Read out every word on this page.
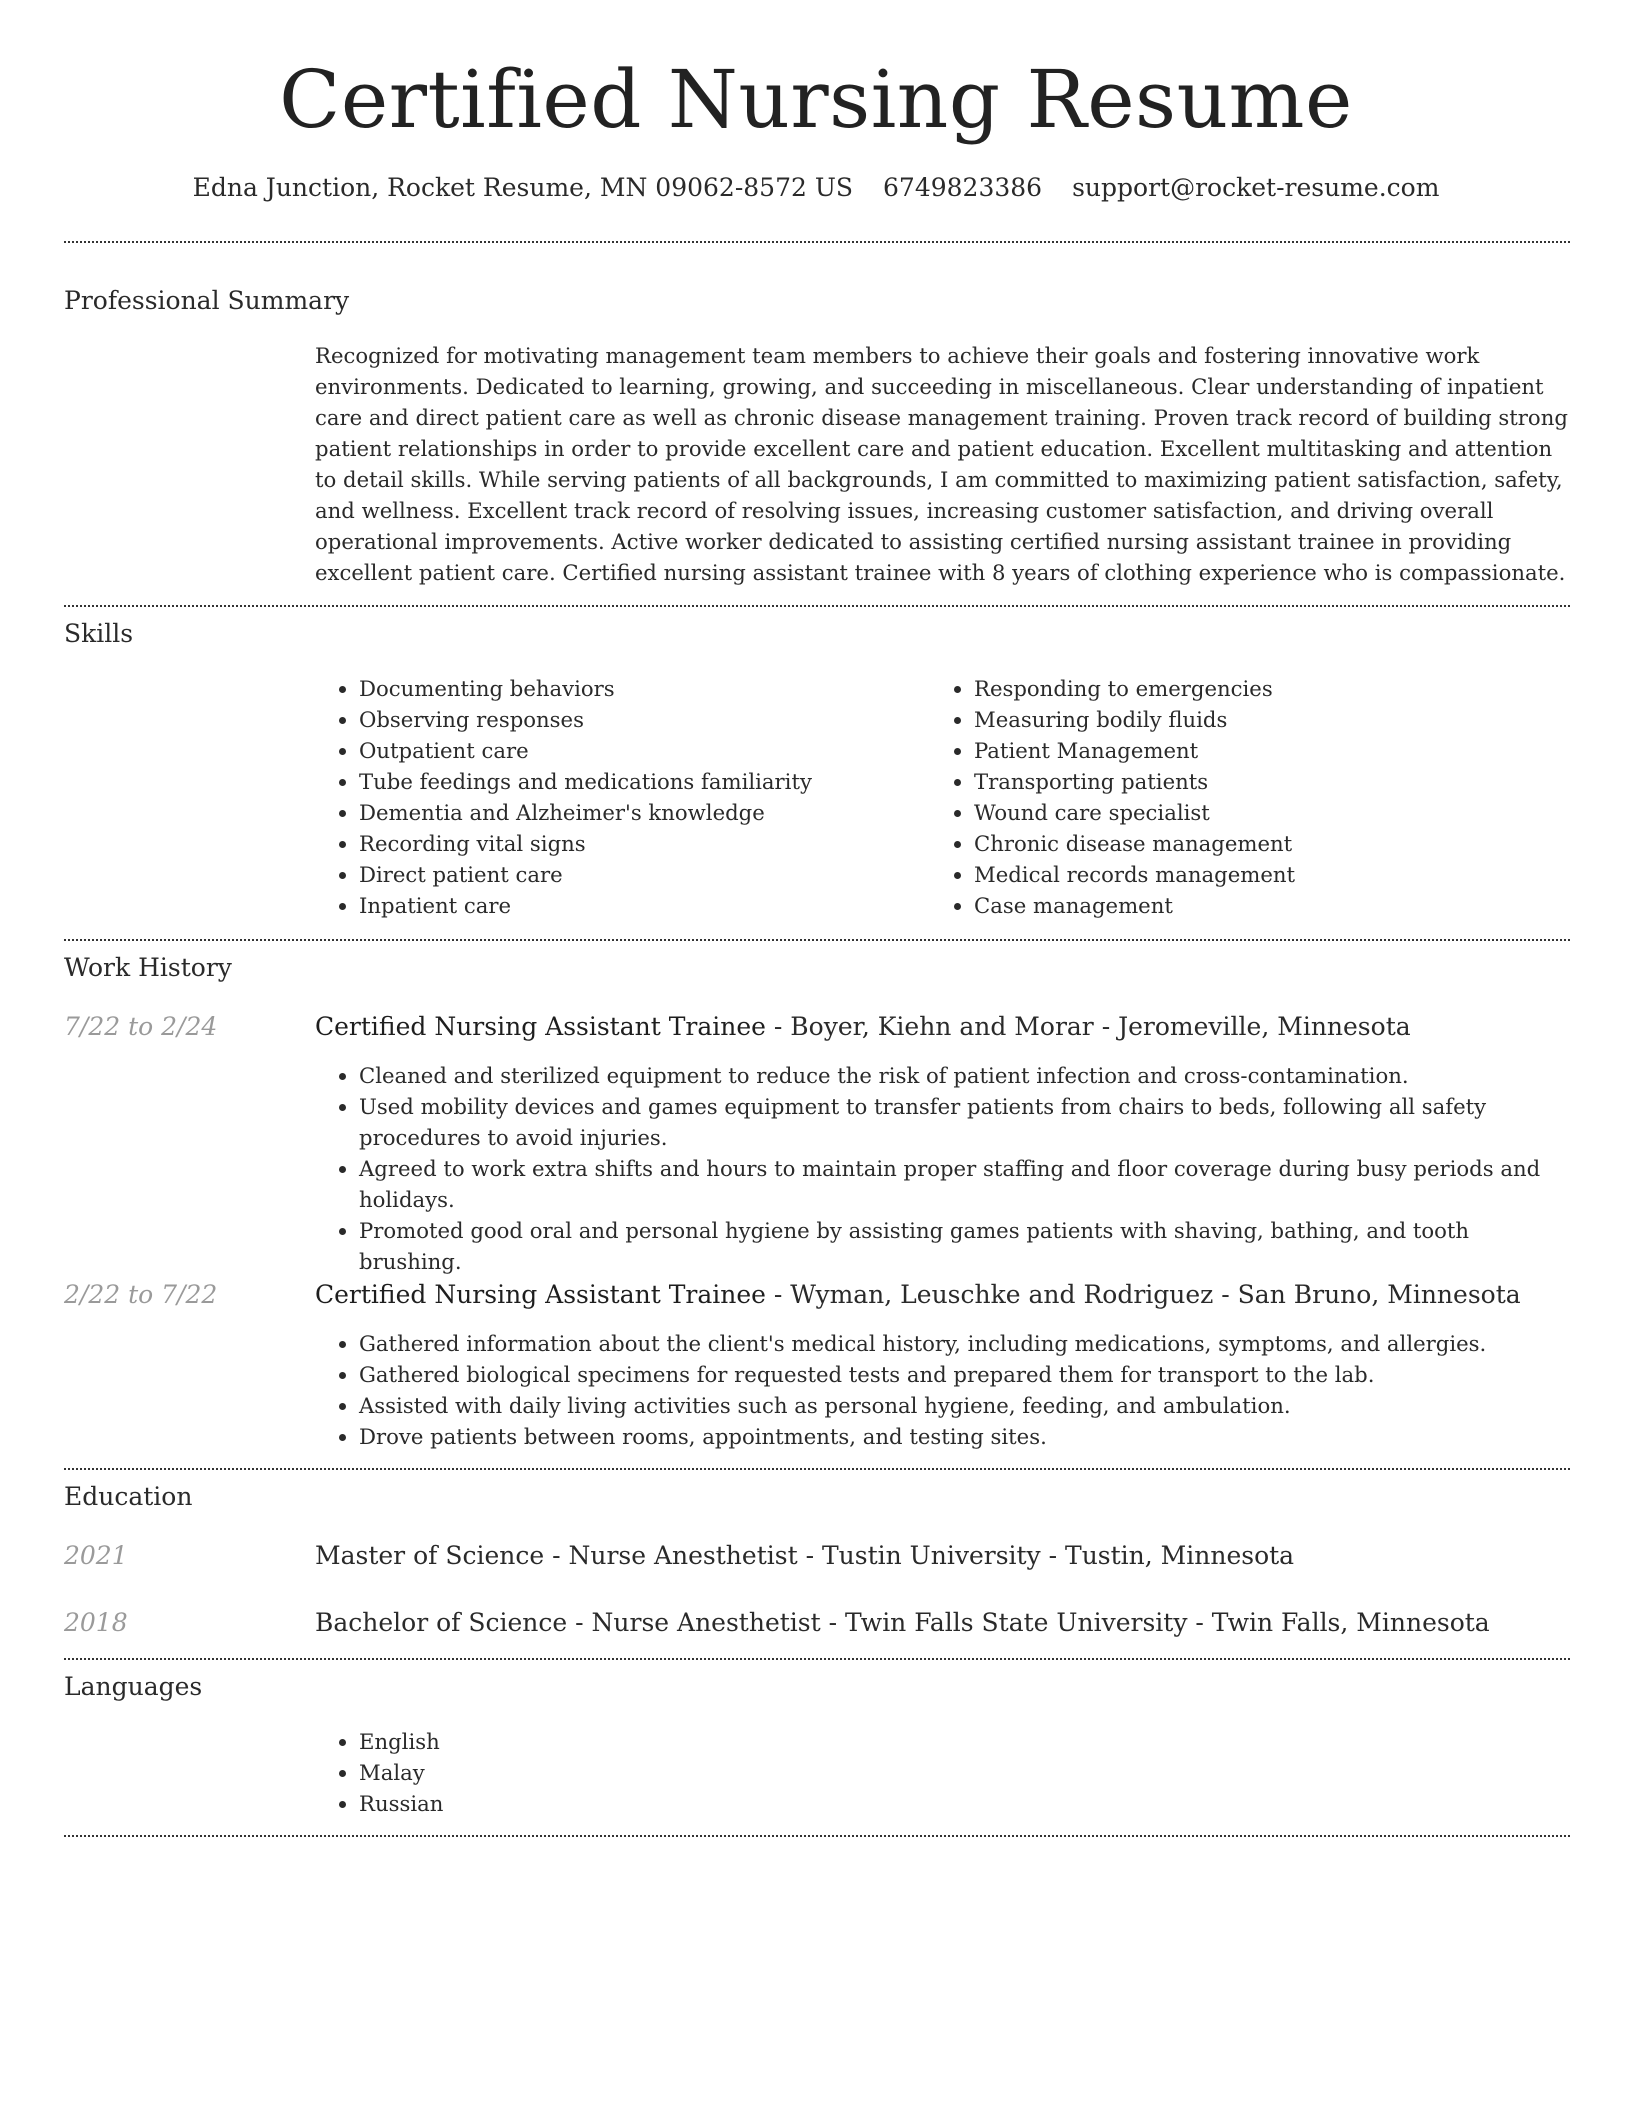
Certified Nursing Resume
Edna Junction, Rocket Resume, MN 09062-8572 US 6749823386 support@rocket-resume.com
Professional Summary

Recognized for motivating management team members to achieve their goals and fostering innovative work environments. Dedicated to learning, growing, and succeeding in miscellaneous. Clear understanding of inpatient care and direct patient care as well as chronic disease management training. Proven track record of building strong patient relationships in order to provide excellent care and patient education. Excellent multitasking and attention to detail skills. While serving patients of all backgrounds, I am committed to maximizing patient satisfaction, safety, and wellness. Excellent track record of resolving issues, increasing customer satisfaction, and driving overall operational improvements. Active worker dedicated to assisting certified nursing assistant trainee in providing excellent patient care. Certified nursing assistant trainee with 8 years of clothing experience who is compassionate.

Skills
• Documenting behaviors
• Observing responses
• Outpatient care
• Tube feedings and medications familiarity
• Dementia and Alzheimer's knowledge
• Recording vital signs
• Direct patient care
• Inpatient care
• Responding to emergencies
• Measuring bodily fluids
• Patient Management
• Transporting patients
• Wound care specialist
• Chronic disease management
• Medical records management
• Case management
Work History
7/22 to 2/24	Certified Nursing Assistant Trainee - Boyer, Kiehn and Morar - Jeromeville, Minnesota
• Cleaned and sterilized equipment to reduce the risk of patient infection and cross-contamination.
• Used mobility devices and games equipment to transfer patients from chairs to beds, following all safety procedures to avoid injuries.
• Agreed to work extra shifts and hours to maintain proper staffing and floor coverage during busy periods and holidays.
• Promoted good oral and personal hygiene by assisting games patients with shaving, bathing, and tooth brushing.
2/22 to 7/22	Certified Nursing Assistant Trainee - Wyman, Leuschke and Rodriguez - San Bruno, Minnesota
• Gathered information about the client's medical history, including medications, symptoms, and allergies.
• Gathered biological specimens for requested tests and prepared them for transport to the lab.
• Assisted with daily living activities such as personal hygiene, feeding, and ambulation.
• Drove patients between rooms, appointments, and testing sites.
Education
2021	Master of Science - Nurse Anesthetist - Tustin University - Tustin, Minnesota
2018	Bachelor of Science - Nurse Anesthetist - Twin Falls State University - Twin Falls, Minnesota
Languages
• English
• Malay
• Russian
